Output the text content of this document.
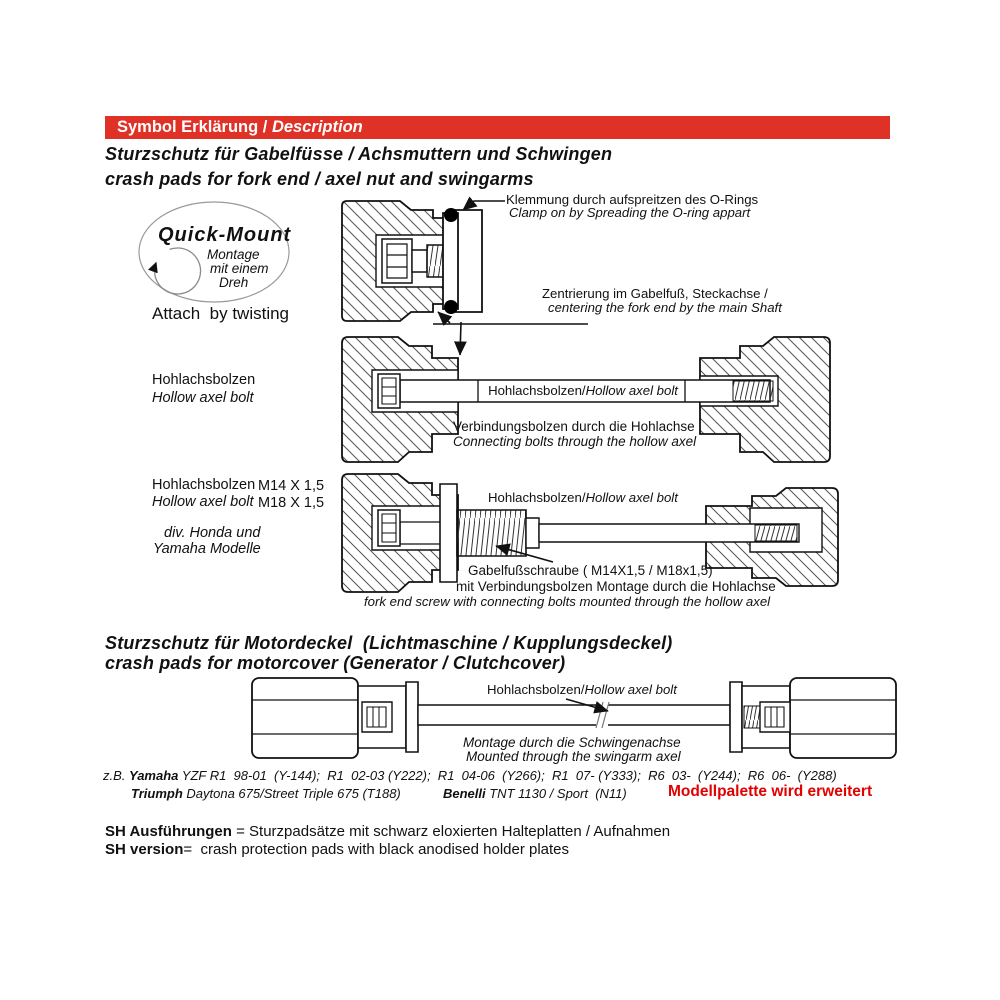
Symbol Erklärung / Description
Sturzschutz für Gabelfüsse / Achsmuttern und Schwingen
crash pads for fork end / axel nut and swingarms
Quick-Mount
Montage
mit einem
Dreh
Attach  by twisting
Klemmung durch aufspreitzen des O-Rings
Clamp on by Spreading the O-ring appart
Zentrierung im Gabelfuß, Steckachse /
centering the fork end by the main Shaft
Hohlachsbolzen
Hollow axel bolt	Hohlachsbolzen/Hollow axel bolt
Verbindungsbolzen durch die Hohlachse
Connecting bolts through the hollow axel
Hohlachsbolzen M14 X 1,5
Hollow axel bolt M18 X 1,5
div. Honda und
Yamaha Modelle
Hohlachsbolzen/Hollow axel bolt
Gabelfußschraube ( M14X1,5 / M18x1,5)
mit Verbindungsbolzen Montage durch die Hohlachse
fork end screw with connecting bolts mounted through the hollow axel
Sturzschutz für Motordeckel  (Lichtmaschine / Kupplungsdeckel)
crash pads for motorcover (Generator / Clutchcover)
Hohlachsbolzen/Hollow axel bolt
Montage durch die Schwingenachse
Mounted through the swingarm axel
z.B. Yamaha YZF R1  98-01  (Y-144);  R1  02-03 (Y222);  R1  04-06  (Y266);  R1  07- (Y333);  R6  03-  (Y244);  R6  06-  (Y288)
Triumph Daytona 675/Street Triple 675 (T188)	Benelli TNT 1130 / Sport  (N11)	Modellpalette wird erweitert
SH Ausführungen = Sturzpadsätze mit schwarz eloxierten Halteplatten / Aufnahmen
SH version=  crash protection pads with black anodised holder plates
